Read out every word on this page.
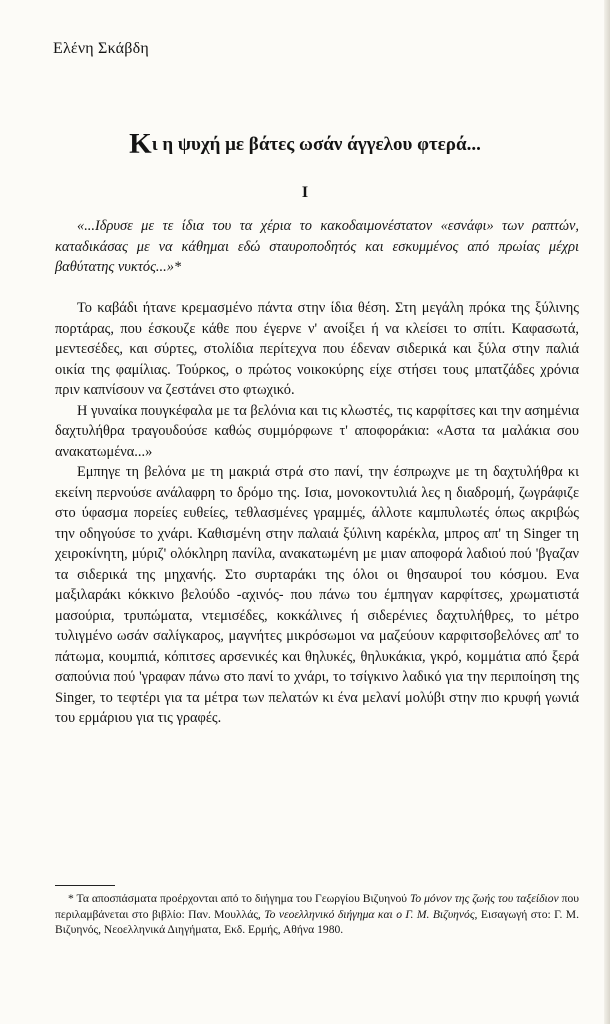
Ελένη Σκάβδη
Κι η ψυχή με βάτες ωσάν άγγελου φτερά...
I
«...Ιδρυσε με τε ίδια του τα χέρια το κακοδαιμονέστατον «εσνάφι» των ραπτών, καταδικάσας με να κάθημαι εδώ σταυροποδητός και εσκυμμένος από πρωίας μέχρι βαθύτατης νυκτός...»*

Το καβάδι ήτανε κρεμασμένο πάντα στην ίδια θέση. Στη μεγάλη πρόκα της ξύλινης πορτάρας, που έσκουζε κάθε που έγερνε ν' ανοίξει ή να κλείσει το σπίτι. Καφασωτά, μεντεσέδες, και σύρτες, στολίδια περίτεχνα που έδεναν σιδερικά και ξύλα στην παλιά οικία της φαμίλιας. Τούρκος, ο πρώτος νοικοκύρης είχε στήσει τους μπατζάδες χρόνια πριν καπνίσουν να ζεστάνει στο φτωχικό.

Η γυναίκα πουγκέφαλα με τα βελόνια και τις κλωστές, τις καρφίτσες και την ασημένια δαχτυλήθρα τραγουδούσε καθώς συμμόρφωνε τ' αποφοράκια: «Αστα τα μαλάκια σου ανακατωμένα...»

Εμπηγε τη βελόνα με τη μακριά στρά στο πανί, την έσπρωχνε με τη δαχτυλήθρα κι εκείνη περνούσε ανάλαφρη το δρόμο της. Ισια, μονοκοντυλιά λες η διαδρομή, ζωγράφιζε στο ύφασμα πορείες ευθείες, τεθλασμένες γραμμές, άλλοτε καμπυλωτές όπως ακριβώς την οδηγούσε το χνάρι. Καθισμένη στην παλαιά ξύλινη καρέκλα, μπρος απ' τη Singer τη χειροκίνητη, μύριζ' ολόκληρη πανίλα, ανακατωμένη με μιαν αποφορά λαδιού πού 'βγαζαν τα σιδερικά της μηχανής. Στο συρταράκι της όλοι οι θησαυροί του κόσμου. Ενα μαξιλαράκι κόκκινο βελούδο -αχινός- που πάνω του έμπηγαν καρφίτσες, χρωματιστά μασούρια, τρυπώματα, ντεμισέδες, κοκκάλινες ή σιδερένιες δαχτυλήθρες, το μέτρο τυλιγμένο ωσάν σαλίγκαρος, μαγνήτες μικρόσωμοι να μαζεύουν καρφιτσοβελόνες απ' το πάτωμα, κουμπιά, κόπιτσες αρσενικές και θηλυκές, θηλυκάκια, γκρό, κομμάτια από ξερά σαπούνια πού 'γραφαν πάνω στο πανί το χνάρι, το τσίγκινο λαδικό για την περιποίηση της Singer, το τεφτέρι για τα μέτρα των πελατών κι ένα μελανί μολύβι στην πιο κρυφή γωνιά του ερμάριου για τις γραφές.

* Τα αποσπάσματα προέρχονται από το διήγημα του Γεωργίου Βιζυηνού Το μόνον της ζωής του ταξείδιον που περιλαμβάνεται στο βιβλίο: Παν. Μουλλάς, Το νεοελληνικό διήγημα και ο Γ. Μ. Βιζυηνός, Εισαγωγή στο: Γ. Μ. Βιζυηνός, Νεοελληνικά Διηγήματα, Εκδ. Ερμής, Αθήνα 1980.
